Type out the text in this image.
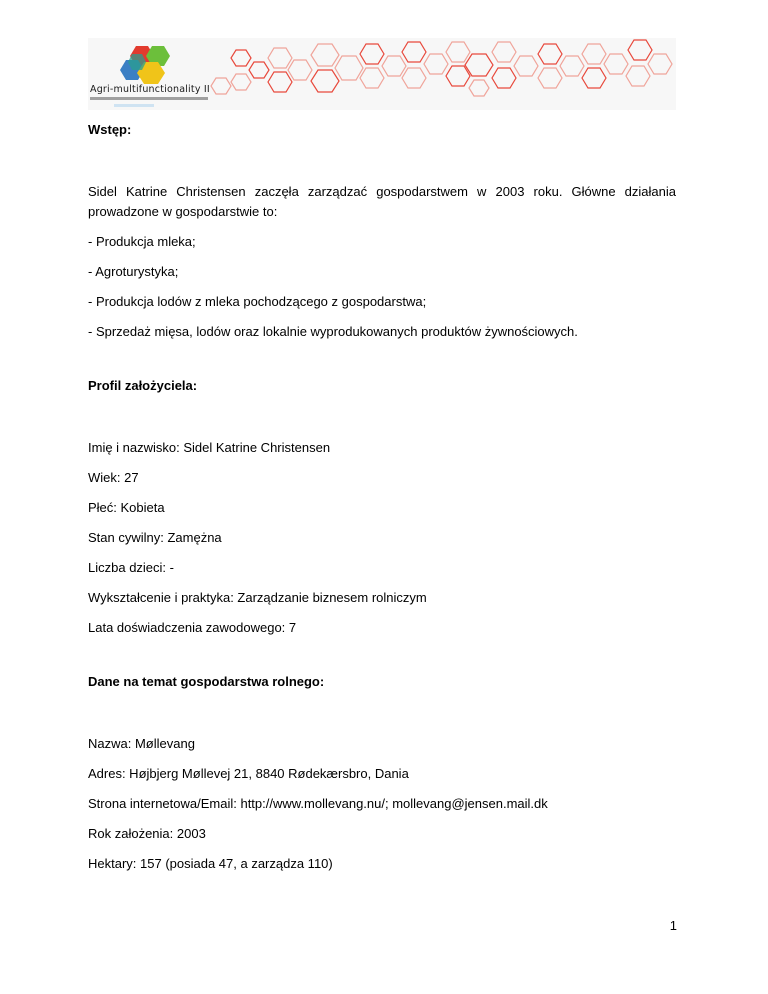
Agri-multifunctionality II

Wstęp:

Sidel Katrine Christensen zaczęła zarządzać gospodarstwem w 2003 roku. Główne działania prowadzone w gospodarstwie to:

- Produkcja mleka;

- Agroturystyka;

- Produkcja lodów z mleka pochodzącego z gospodarstwa;

- Sprzedaż mięsa, lodów oraz lokalnie wyprodukowanych produktów żywnościowych.

Profil założyciela:

Imię i nazwisko: Sidel Katrine Christensen

Wiek: 27

Płeć: Kobieta

Stan cywilny: Zamężna

Liczba dzieci: -

Wykształcenie i praktyka: Zarządzanie biznesem rolniczym

Lata doświadczenia zawodowego: 7

Dane na temat gospodarstwa rolnego:

Nazwa: Møllevang

Adres: Højbjerg Møllevej 21, 8840 Rødekærsbro, Dania

Strona internetowa/Email: http://www.mollevang.nu/; mollevang@jensen.mail.dk

Rok założenia: 2003

Hektary: 157 (posiada 47, a zarządza 110)

1
